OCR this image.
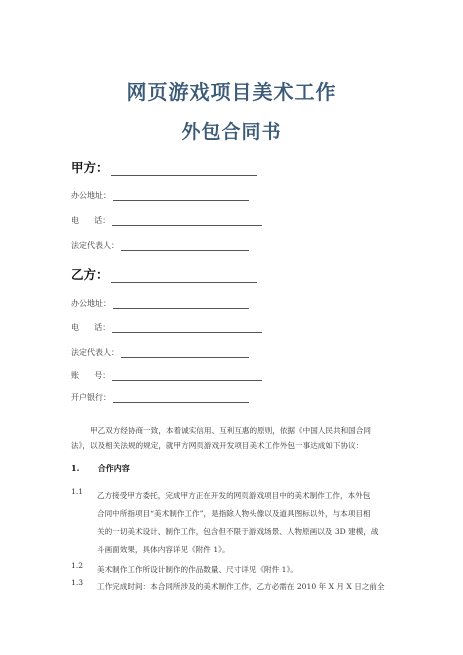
网页游戏项目美术工作
外包合同书
甲方：
办公地址：
电      话：
法定代表人：
乙方：
办公地址：
电      话：
法定代表人：
账      号：
开户银行：
甲乙双方经协商一致，本着诚实信用、互利互惠的原则，依据《中国人民共和国合同
法》，以及相关法规的规定，就甲方网页游戏开发项目美术工作外包一事达成如下协议：
1. 合作内容
1.1	乙方接受甲方委托，完成甲方正在开发的网页游戏项目中的美术制作工作，本外包
合同中所指项目“美术制作工作”，是指除人物头像以及道具图标以外，与本项目相
关的一切美术设计、制作工作，包含但不限于游戏场景、人物原画以及 3D 建模，战
斗画面效果，具体内容详见《附件 1》。
1.2	美术制作工作所设计制作的作品数量、尺寸详见《附件 1》。
1.3	工作完成时间：本合同所涉及的美术制作工作，乙方必需在 2010 年 X 月 X 日之前全
